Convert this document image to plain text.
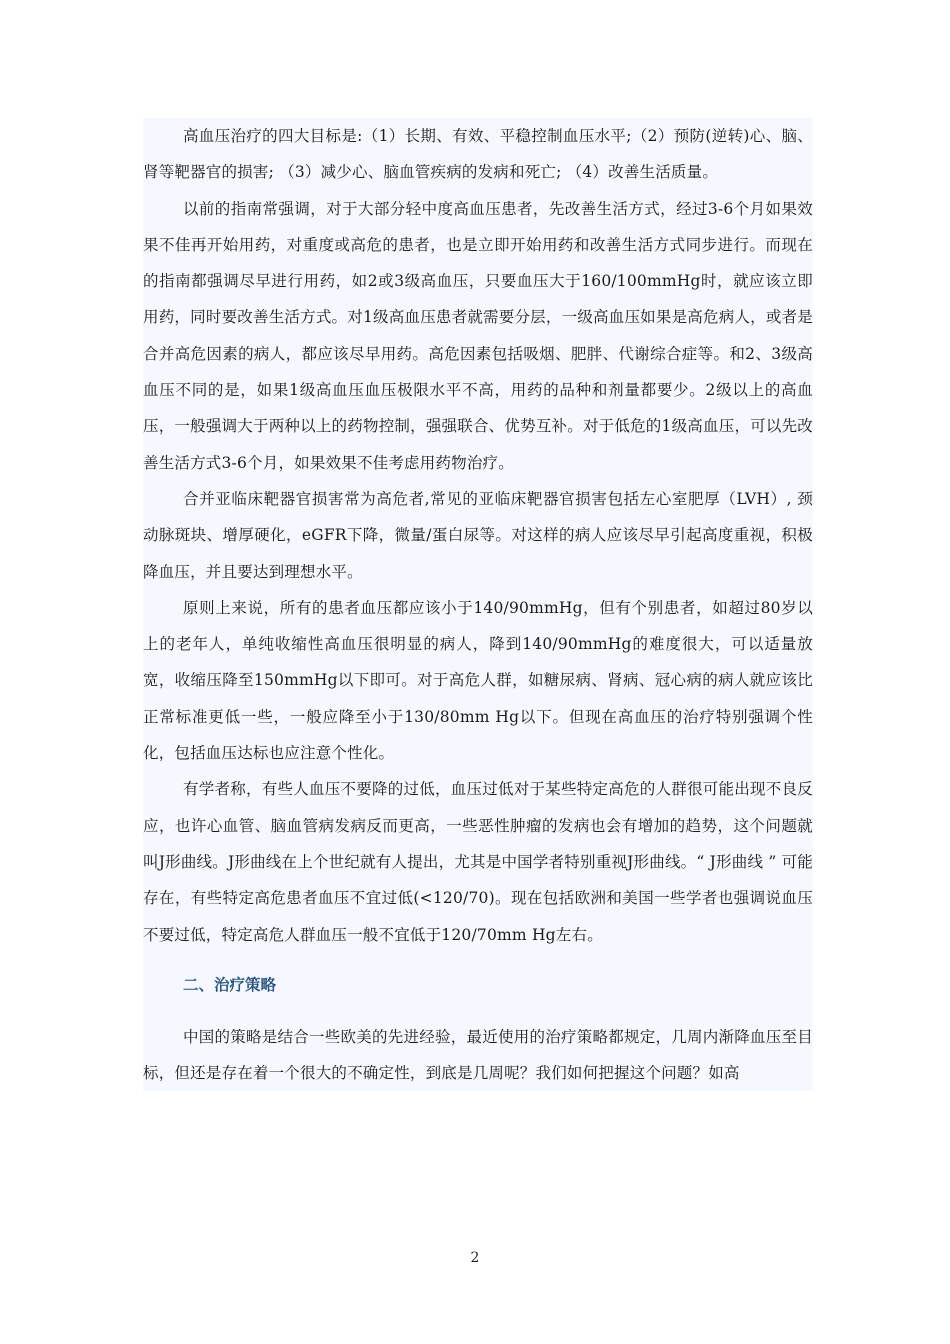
高血压治疗的四大目标是:（1）长期、有效、平稳控制血压水平;（2）预防(逆转)心、脑、肾等靶器官的损害; （3）减少心、脑血管疾病的发病和死亡; （4）改善生活质量。

以前的指南常强调，对于大部分轻中度高血压患者，先改善生活方式，经过3-6个月如果效果不佳再开始用药，对重度或高危的患者，也是立即开始用药和改善生活方式同步进行。而现在的指南都强调尽早进行用药，如2或3级高血压，只要血压大于160/100mmHg时，就应该立即用药，同时要改善生活方式。对1级高血压患者就需要分层，一级高血压如果是高危病人，或者是合并高危因素的病人，都应该尽早用药。高危因素包括吸烟、肥胖、代谢综合症等。和2、3级高血压不同的是，如果1级高血压血压极限水平不高，用药的品种和剂量都要少。2级以上的高血压，一般强调大于两种以上的药物控制，强强联合、优势互补。对于低危的1级高血压，可以先改善生活方式3-6个月，如果效果不佳考虑用药物治疗。

合并亚临床靶器官损害常为高危者,常见的亚临床靶器官损害包括左心室肥厚（LVH）, 颈动脉斑块、增厚硬化，eGFR下降，微量/蛋白尿等。对这样的病人应该尽早引起高度重视，积极降血压，并且要达到理想水平。

原则上来说，所有的患者血压都应该小于140/90mmHg，但有个别患者，如超过80岁以上的老年人，单纯收缩性高血压很明显的病人，降到140/90mmHg的难度很大，可以适量放宽，收缩压降至150mmHg以下即可。对于高危人群，如糖尿病、肾病、冠心病的病人就应该比正常标准更低一些，一般应降至小于130/80mm Hg以下。但现在高血压的治疗特别强调个性化，包括血压达标也应注意个性化。

有学者称，有些人血压不要降的过低，血压过低对于某些特定高危的人群很可能出现不良反应，也许心血管、脑血管病发病反而更高，一些恶性肿瘤的发病也会有增加的趋势，这个问题就叫J形曲线。J形曲线在上个世纪就有人提出，尤其是中国学者特别重视J形曲线。“ J形曲线 ” 可能存在，有些特定高危患者血压不宜过低(<120/70)。现在包括欧洲和美国一些学者也强调说血压不要过低，特定高危人群血压一般不宜低于120/70mm Hg左右。

二、治疗策略

中国的策略是结合一些欧美的先进经验，最近使用的治疗策略都规定，几周内渐降血压至目标，但还是存在着一个很大的不确定性，到底是几周呢？我们如何把握这个问题？如高

2
